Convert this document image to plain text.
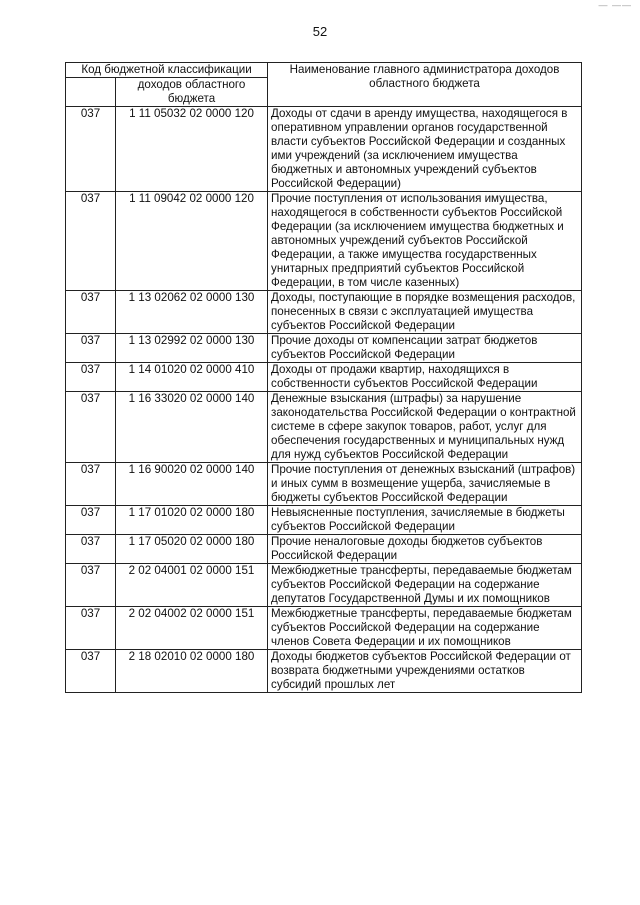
52
— ——
Код бюджетной классификации		Наименование главного администратора доходов областного бюджета
	доходов областного бюджета	
037	1 11 05032 02 0000 120	Доходы от сдачи в аренду имущества, находящегося в оперативном управлении органов государственной власти субъектов Российской Федерации и созданных ими учреждений (за исключением имущества бюджетных и автономных учреждений субъектов Российской Федерации)
037	1 11 09042 02 0000 120	Прочие поступления от использования имущества, находящегося в собственности субъектов Российской Федерации (за исключением имущества бюджетных и автономных учреждений субъектов Российской Федерации, а также имущества государственных унитарных предприятий субъектов Российской Федерации, в том числе казенных)
037	1 13 02062 02 0000 130	Доходы, поступающие в порядке возмещения расходов, понесенных в связи с эксплуатацией имущества субъектов Российской Федерации
037	1 13 02992 02 0000 130	Прочие доходы от компенсации затрат бюджетов субъектов Российской Федерации
037	1 14 01020 02 0000 410	Доходы от продажи квартир, находящихся в собственности субъектов Российской Федерации
037	1 16 33020 02 0000 140	Денежные взыскания (штрафы) за нарушение законодательства Российской Федерации о контрактной системе в сфере закупок товаров, работ, услуг для обеспечения государственных и муниципальных нужд для нужд субъектов Российской Федерации
037	1 16 90020 02 0000 140	Прочие поступления от денежных взысканий (штрафов) и иных сумм в возмещение ущерба, зачисляемые в бюджеты субъектов Российской Федерации
037	1 17 01020 02 0000 180	Невыясненные поступления, зачисляемые в бюджеты субъектов Российской Федерации
037	1 17 05020 02 0000 180	Прочие неналоговые доходы бюджетов субъектов Российской Федерации
037	2 02 04001 02 0000 151	Межбюджетные трансферты, передаваемые бюджетам субъектов Российской Федерации на содержание депутатов Государственной Думы и их помощников
037	2 02 04002 02 0000 151	Межбюджетные трансферты, передаваемые бюджетам субъектов Российской Федерации на содержание членов Совета Федерации и их помощников
037	2 18 02010 02 0000 180	Доходы бюджетов субъектов Российской Федерации от возврата бюджетными учреждениями остатков субсидий прошлых лет
